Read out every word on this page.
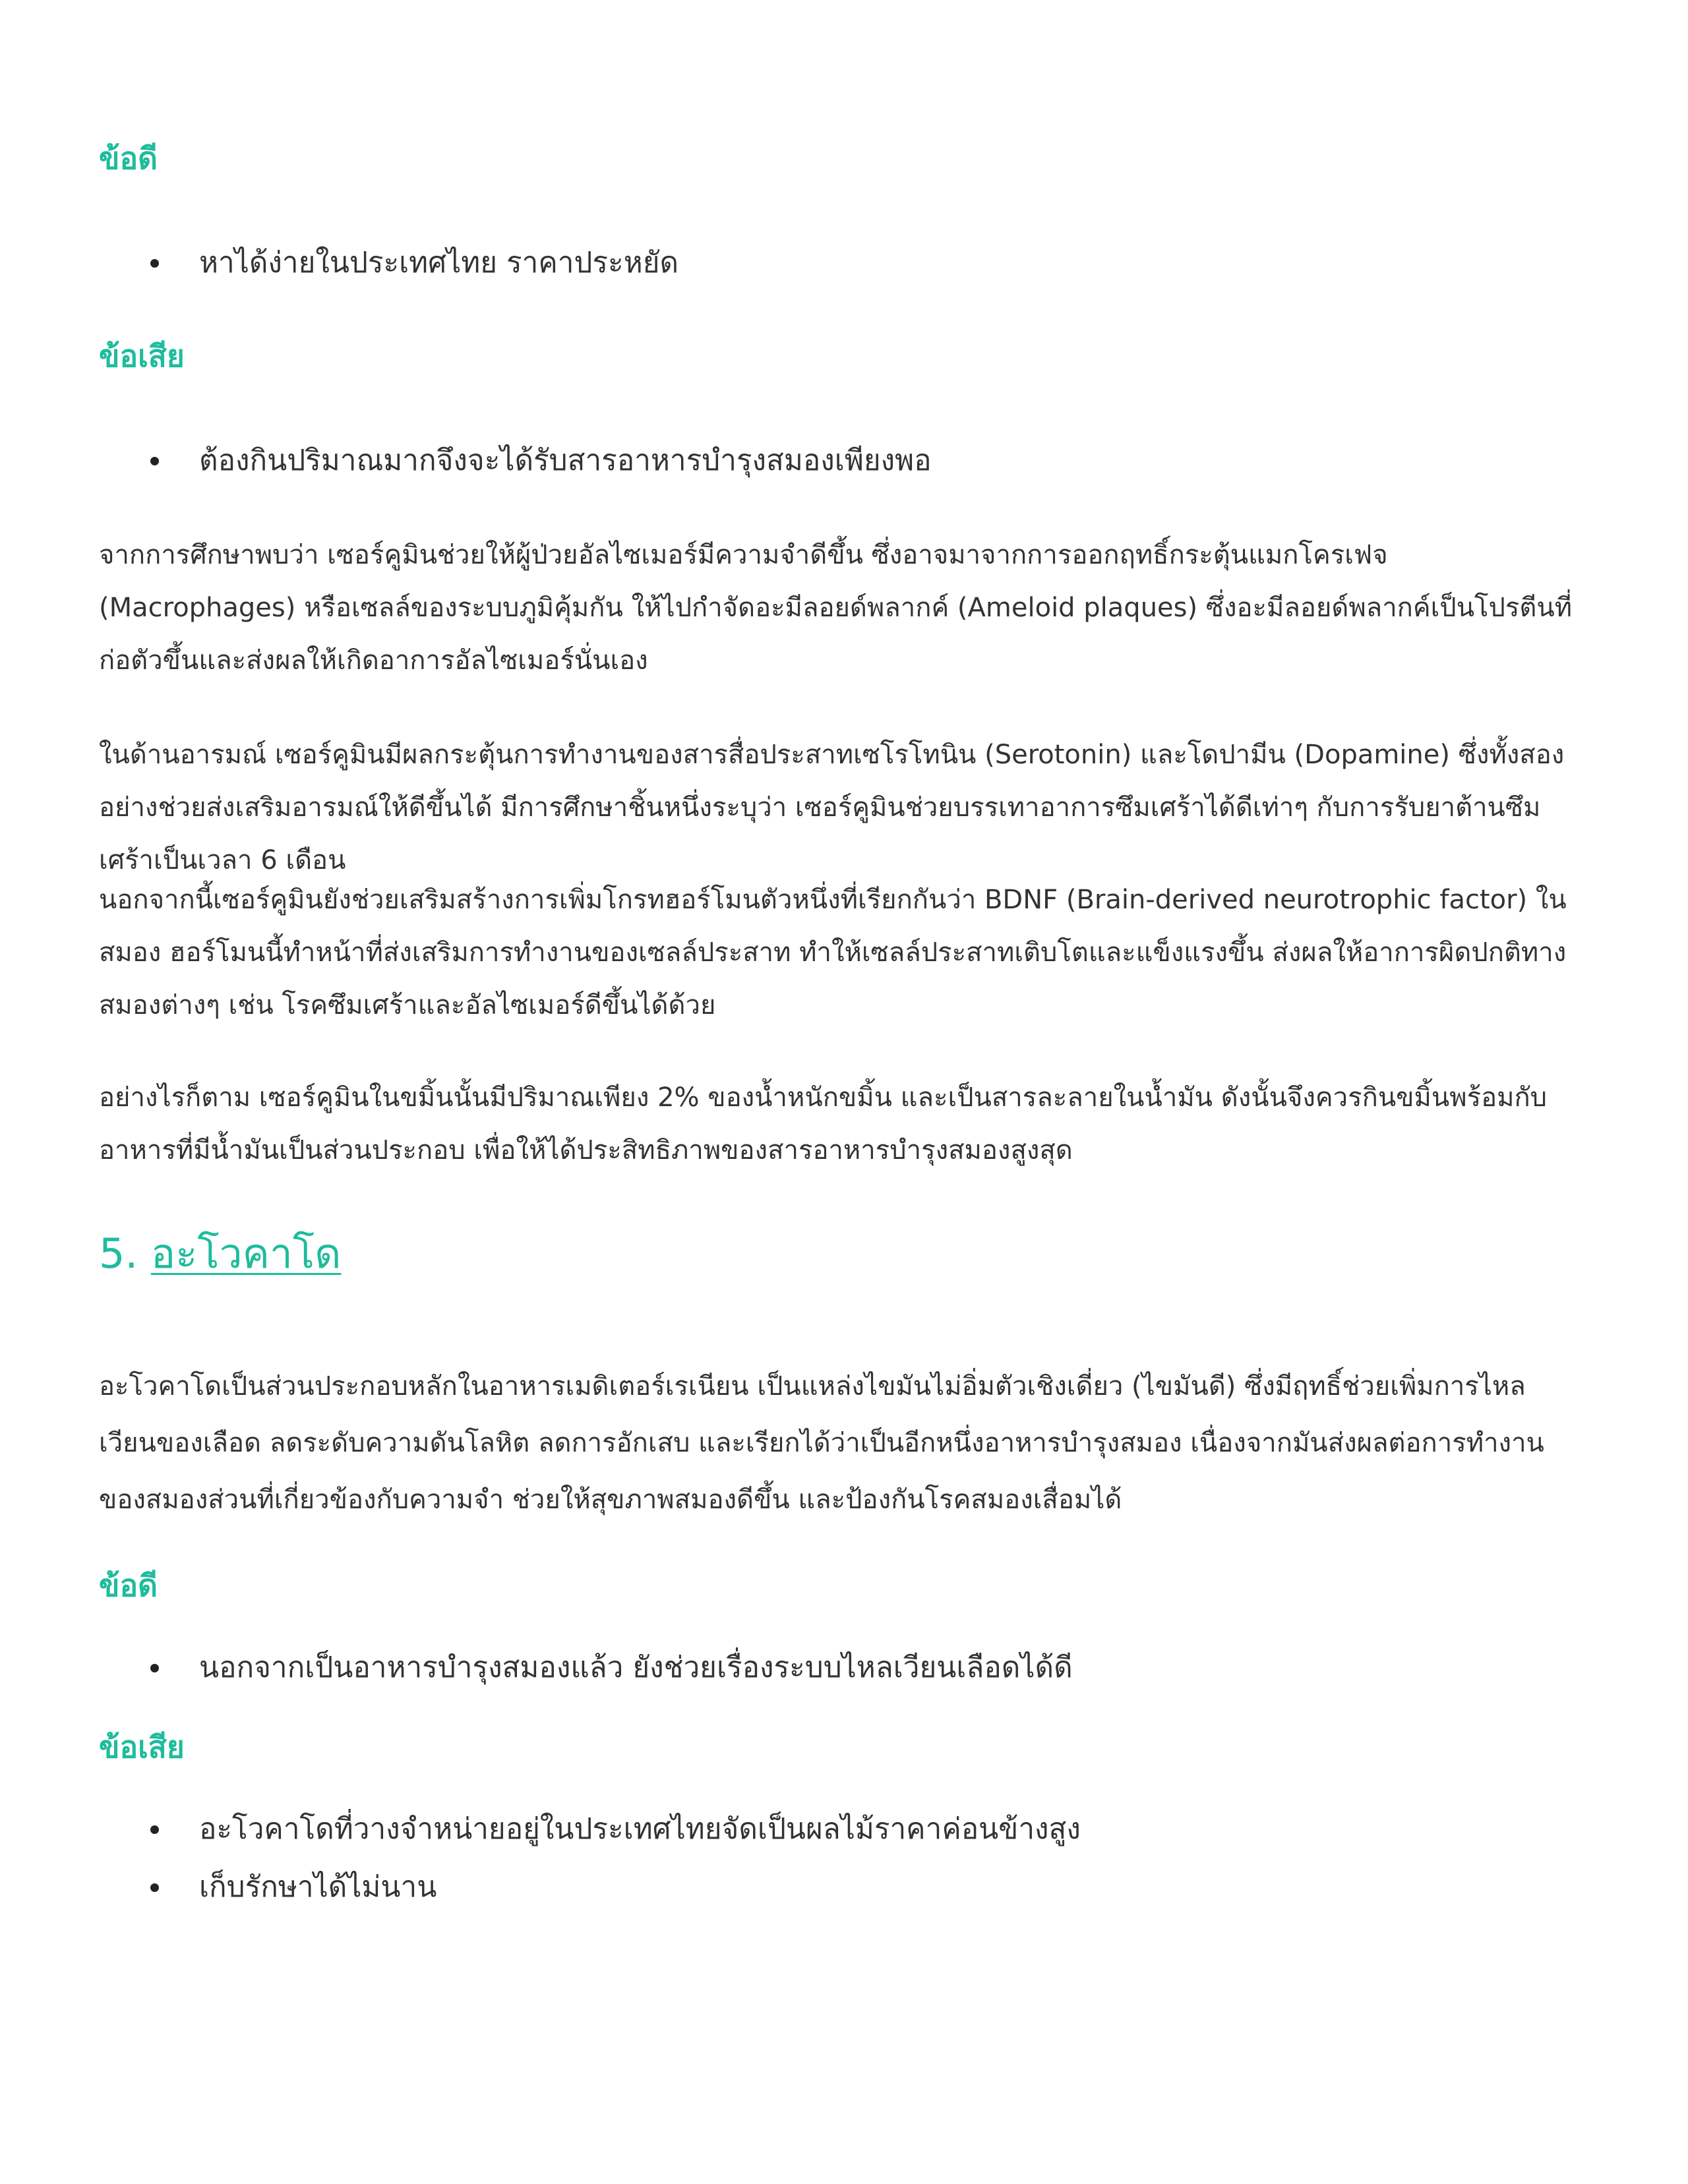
ข้อดี
หาได้ง่ายในประเทศไทย ราคาประหยัด
ข้อเสีย
ต้องกินปริมาณมากจึงจะได้รับสารอาหารบำรุงสมองเพียงพอ

จากการศึกษาพบว่า เซอร์คูมินช่วยให้ผู้ป่วยอัลไซเมอร์มีความจำดีขึ้น ซึ่งอาจมาจากการออกฤทธิ์กระตุ้นแมกโครเฟจ (Macrophages) หรือเซลล์ของระบบภูมิคุ้มกัน ให้ไปกำจัดอะมีลอยด์พลากค์ (Ameloid plaques) ซึ่งอะมีลอยด์พลากค์เป็นโปรตีนที่ก่อตัวขึ้นและส่งผลให้เกิดอาการอัลไซเมอร์นั่นเอง

ในด้านอารมณ์ เซอร์คูมินมีผลกระตุ้นการทำงานของสารสื่อประสาทเซโรโทนิน (Serotonin) และโดปามีน (Dopamine) ซึ่งทั้งสองอย่างช่วยส่งเสริมอารมณ์ให้ดีขึ้นได้ มีการศึกษาชิ้นหนึ่งระบุว่า เซอร์คูมินช่วยบรรเทาอาการซึมเศร้าได้ดีเท่าๆ กับการรับยาต้านซึมเศร้าเป็นเวลา 6 เดือน

นอกจากนี้เซอร์คูมินยังช่วยเสริมสร้างการเพิ่มโกรทฮอร์โมนตัวหนึ่งที่เรียกกันว่า BDNF (Brain-derived neurotrophic factor) ในสมอง ฮอร์โมนนี้ทำหน้าที่ส่งเสริมการทำงานของเซลล์ประสาท ทำให้เซลล์ประสาทเติบโตและแข็งแรงขึ้น ส่งผลให้อาการผิดปกติทางสมองต่างๆ เช่น โรคซึมเศร้าและอัลไซเมอร์ดีขึ้นได้ด้วย

อย่างไรก็ตาม เซอร์คูมินในขมิ้นนั้นมีปริมาณเพียง 2% ของน้ำหนักขมิ้น และเป็นสารละลายในน้ำมัน ดังนั้นจึงควรกินขมิ้นพร้อมกับอาหารที่มีน้ำมันเป็นส่วนประกอบ เพื่อให้ได้ประสิทธิภาพของสารอาหารบำรุงสมองสูงสุด

5. อะโวคาโด

อะโวคาโดเป็นส่วนประกอบหลักในอาหารเมดิเตอร์เรเนียน เป็นแหล่งไขมันไม่อิ่มตัวเชิงเดี่ยว (ไขมันดี) ซึ่งมีฤทธิ์ช่วยเพิ่มการไหลเวียนของเลือด ลดระดับความดันโลหิต ลดการอักเสบ และเรียกได้ว่าเป็นอีกหนึ่งอาหารบำรุงสมอง เนื่องจากมันส่งผลต่อการทำงานของสมองส่วนที่เกี่ยวข้องกับความจำ ช่วยให้สุขภาพสมองดีขึ้น และป้องกันโรคสมองเสื่อมได้

ข้อดี
นอกจากเป็นอาหารบำรุงสมองแล้ว ยังช่วยเรื่องระบบไหลเวียนเลือดได้ดี
ข้อเสีย
อะโวคาโดที่วางจำหน่ายอยู่ในประเทศไทยจัดเป็นผลไม้ราคาค่อนข้างสูง
เก็บรักษาได้ไม่นาน
